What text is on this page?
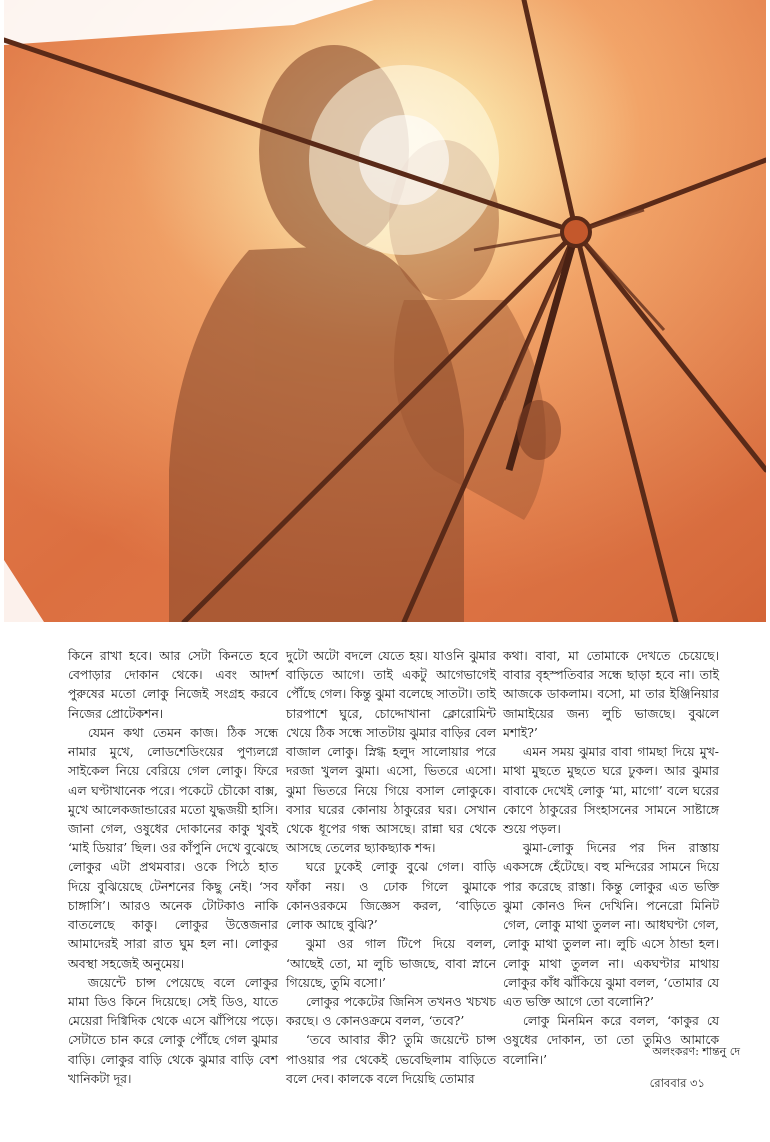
কিনে রাখা হবে। আর সেটা কিনতে হবে বেপাড়ার দোকান থেকে। এবং আদর্শ পুরুষের মতো লোকু নিজেই সংগ্রহ করবে নিজের প্রোটেকশন।

যেমন কথা তেমন কাজ। ঠিক সন্ধে নামার মুখে, লোডশেডিংয়ের পুণ্যলগ্নে সাইকেল নিয়ে বেরিয়ে গেল লোকু। ফিরে এল ঘণ্টাখানেক পরে। পকেটে চৌকো বাক্স, মুখে আলেকজান্ডারের মতো যুদ্ধজয়ী হাসি। জানা গেল, ওষুধের দোকানের কাকু খুবই ‘মাই ডিয়ার’ ছিল। ওর কাঁপুনি দেখে বুঝেছে লোকুর এটা প্রথমবার। ওকে পিঠে হাত দিয়ে বুঝিয়েছে টেনশনের কিছু নেই। ‘সব চাঙ্গাসি’। আরও অনেক টোটকাও নাকি বাতলেছে কাকু। লোকুর উত্তেজনার আমাদেরই সারা রাত ঘুম হল না। লোকুর অবস্থা সহজেই অনুমেয়।

জয়েন্টে চান্স পেয়েছে বলে লোকুর মামা ডিও কিনে দিয়েছে। সেই ডিও, যাতে মেয়েরা দিগ্বিদিক থেকে এসে ঝাঁপিয়ে পড়ে। সেটাতে চান করে লোকু পৌঁছে গেল ঝুমার বাড়ি। লোকুর বাড়ি থেকে ঝুমার বাড়ি বেশ খানিকটা দূর।

দুটো অটো বদলে যেতে হয়। যাওনি ঝুমার বাড়িতে আগে। তাই একটু আগেভাগেই পৌঁছে গেল। কিন্তু ঝুমা বলেছে সাতটা। তাই চারপাশে ঘুরে, চোদ্দোখানা ক্লোরোমিন্ট খেয়ে ঠিক সন্ধে সাতটায় ঝুমার বাড়ির বেল বাজাল লোকু। স্নিগ্ধ হলুদ সালোয়ার পরে দরজা খুলল ঝুমা। এসো, ভিতরে এসো। ঝুমা ভিতরে নিয়ে গিয়ে বসাল লোকুকে। বসার ঘরের কোনায় ঠাকুরের ঘর। সেখান থেকে ধূপের গন্ধ আসছে। রান্না ঘর থেকে আসছে তেলের ছ্যাকছ্যাক শব্দ।

ঘরে ঢুকেই লোকু বুঝে গেল। বাড়ি ফাঁকা নয়। ও ঢোক গিলে ঝুমাকে কোনওরকমে জিজ্ঞেস করল, ‘বাড়িতে লোক আছে বুঝি?’

ঝুমা ওর গাল টিপে দিয়ে বলল, ‘আছেই তো, মা লুচি ভাজছে, বাবা স্নানে গিয়েছে, তুমি বসো।’

লোকুর পকেটের জিনিস তখনও খচখচ করছে। ও কোনওক্রমে বলল, ‘তবে?’

‘তবে আবার কী? তুমি জয়েন্টে চান্স পাওয়ার পর থেকেই ভেবেছিলাম বাড়িতে বলে দেব। কালকে বলে দিয়েছি তোমার

কথা। বাবা, মা তোমাকে দেখতে চেয়েছে। বাবার বৃহস্পতিবার সন্ধে ছাড়া হবে না। তাই আজকে ডাকলাম। বসো, মা তার ইঞ্জিনিয়ার জামাইয়ের জন্য লুচি ভাজছে। বুঝলে মশাই?’

এমন সময় ঝুমার বাবা গামছা দিয়ে মুখ-মাথা মুছতে মুছতে ঘরে ঢুকল। আর ঝুমার বাবাকে দেখেই লোকু ‘মা, মাগো’ বলে ঘরের কোণে ঠাকুরের সিংহাসনের সামনে সাষ্টাঙ্গে শুয়ে পড়ল।

ঝুমা-লোকু দিনের পর দিন রাস্তায় একসঙ্গে হেঁটেছে। বহু মন্দিরের সামনে দিয়ে পার করেছে রাস্তা। কিন্তু লোকুর এত ভক্তি ঝুমা কোনও দিন দেখিনি। পনেরো মিনিট গেল, লোকু মাথা তুলল না। আধঘণ্টা গেল, লোকু মাথা তুলল না। লুচি এসে ঠান্ডা হল। লোকু মাথা তুলল না। একঘণ্টার মাথায় লোকুর কাঁধ ঝাঁকিয়ে ঝুমা বলল, ‘তোমার যে এত ভক্তি আগে তো বলোনি?’

লোকু মিনমিন করে বলল, ‘কাকুর যে ওষুধের দোকান, তা তো তুমিও আমাকে বলোনি।’

অলংকরণ: শান্তনু দে
রোববার ৩১
